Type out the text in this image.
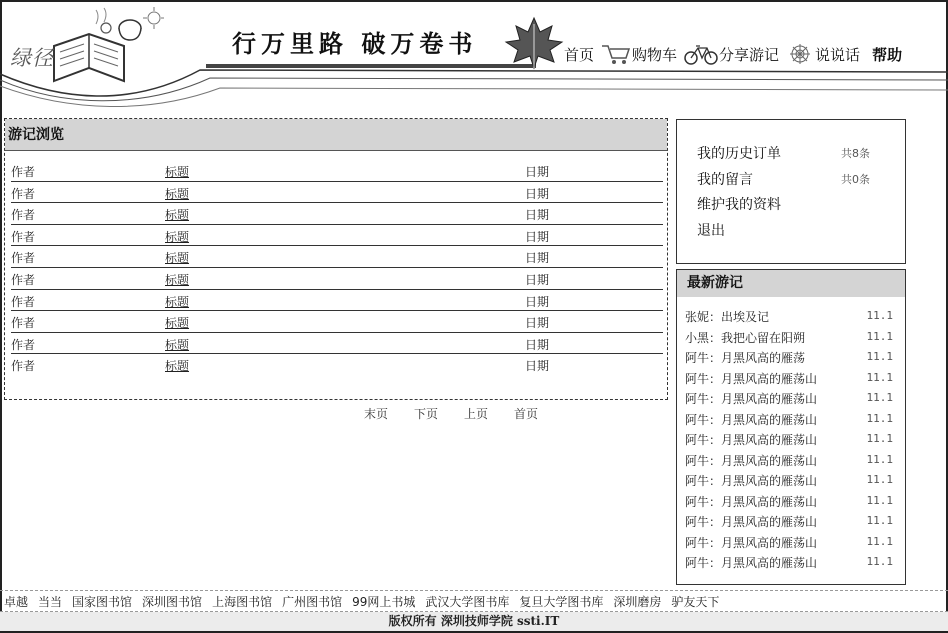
绿径	行万里路 破万卷书	首页	购物车	分享游记 说说话 帮助
游记浏览
作者	标题	日期
作者	标题	日期
作者	标题	日期
作者	标题	日期
作者	标题	日期
作者	标题	日期
作者	标题	日期
作者	标题	日期
作者	标题	日期
作者	标题	日期
末页 下页 上页 首页
我的历史订单	共8条
我的留言	共0条
维护我的资料
退出
最新游记
张妮：出埃及记	11.1
小黑：我把心留在阳朔	11.1
阿牛：月黑风高的雁荡	11.1
阿牛：月黑风高的雁荡山	11.1
阿牛：月黑风高的雁荡山	11.1
阿牛：月黑风高的雁荡山	11.1
阿牛：月黑风高的雁荡山	11.1
阿牛：月黑风高的雁荡山	11.1
阿牛：月黑风高的雁荡山	11.1
阿牛：月黑风高的雁荡山	11.1
阿牛：月黑风高的雁荡山	11.1
阿牛：月黑风高的雁荡山	11.1
阿牛：月黑风高的雁荡山	11.1
卓越 当当 国家图书馆 深圳图书馆 上海图书馆 广州图书馆 99网上书城 武汉大学图书库 复旦大学图书库 深圳磨房 驴友天下
版权所有 深圳技师学院 ssti.IT
